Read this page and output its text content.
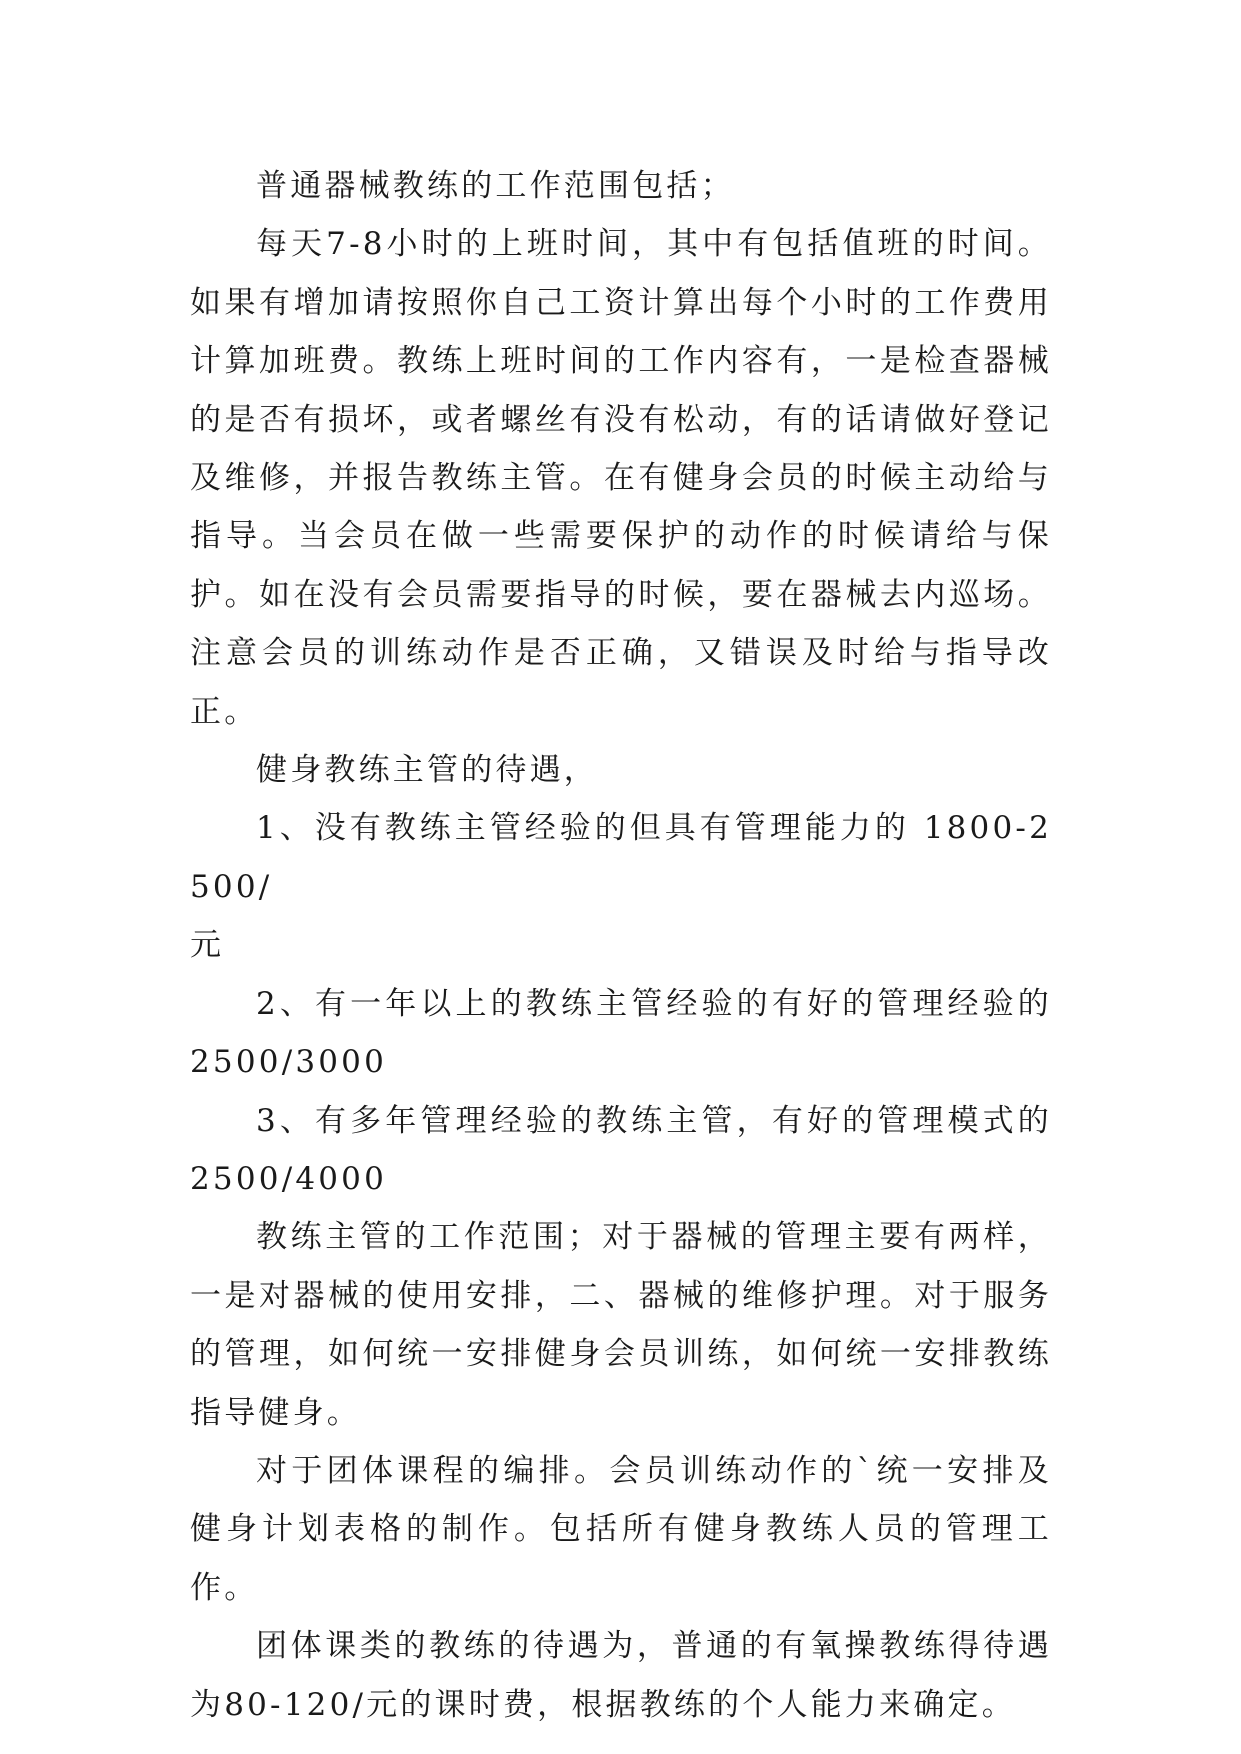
普通器械教练的工作范围包括；

每天7-8小时的上班时间，其中有包括值班的时间。如果有增加请按照你自己工资计算出每个小时的工作费用计算加班费。教练上班时间的工作内容有，一是检查器械的是否有损坏，或者螺丝有没有松动，有的话请做好登记及维修，并报告教练主管。在有健身会员的时候主动给与指导。当会员在做一些需要保护的动作的时候请给与保护。如在没有会员需要指导的时候，要在器械去内巡场。注意会员的训练动作是否正确，又错误及时给与指导改正。

健身教练主管的待遇，

1、没有教练主管经验的但具有管理能力的 1800-2500/

元

2、有一年以上的教练主管经验的有好的管理经验的

2500/3000

3、有多年管理经验的教练主管，有好的管理模式的

2500/4000

教练主管的工作范围；对于器械的管理主要有两样，一是对器械的使用安排，二、器械的维修护理。对于服务的管理，如何统一安排健身会员训练，如何统一安排教练指导健身。

对于团体课程的编排。会员训练动作的`统一安排及健身计划表格的制作。包括所有健身教练人员的管理工作。

团体课类的教练的待遇为，普通的有氧操教练得待遇为80-120/元的课时费，根据教练的个人能力来确定。
